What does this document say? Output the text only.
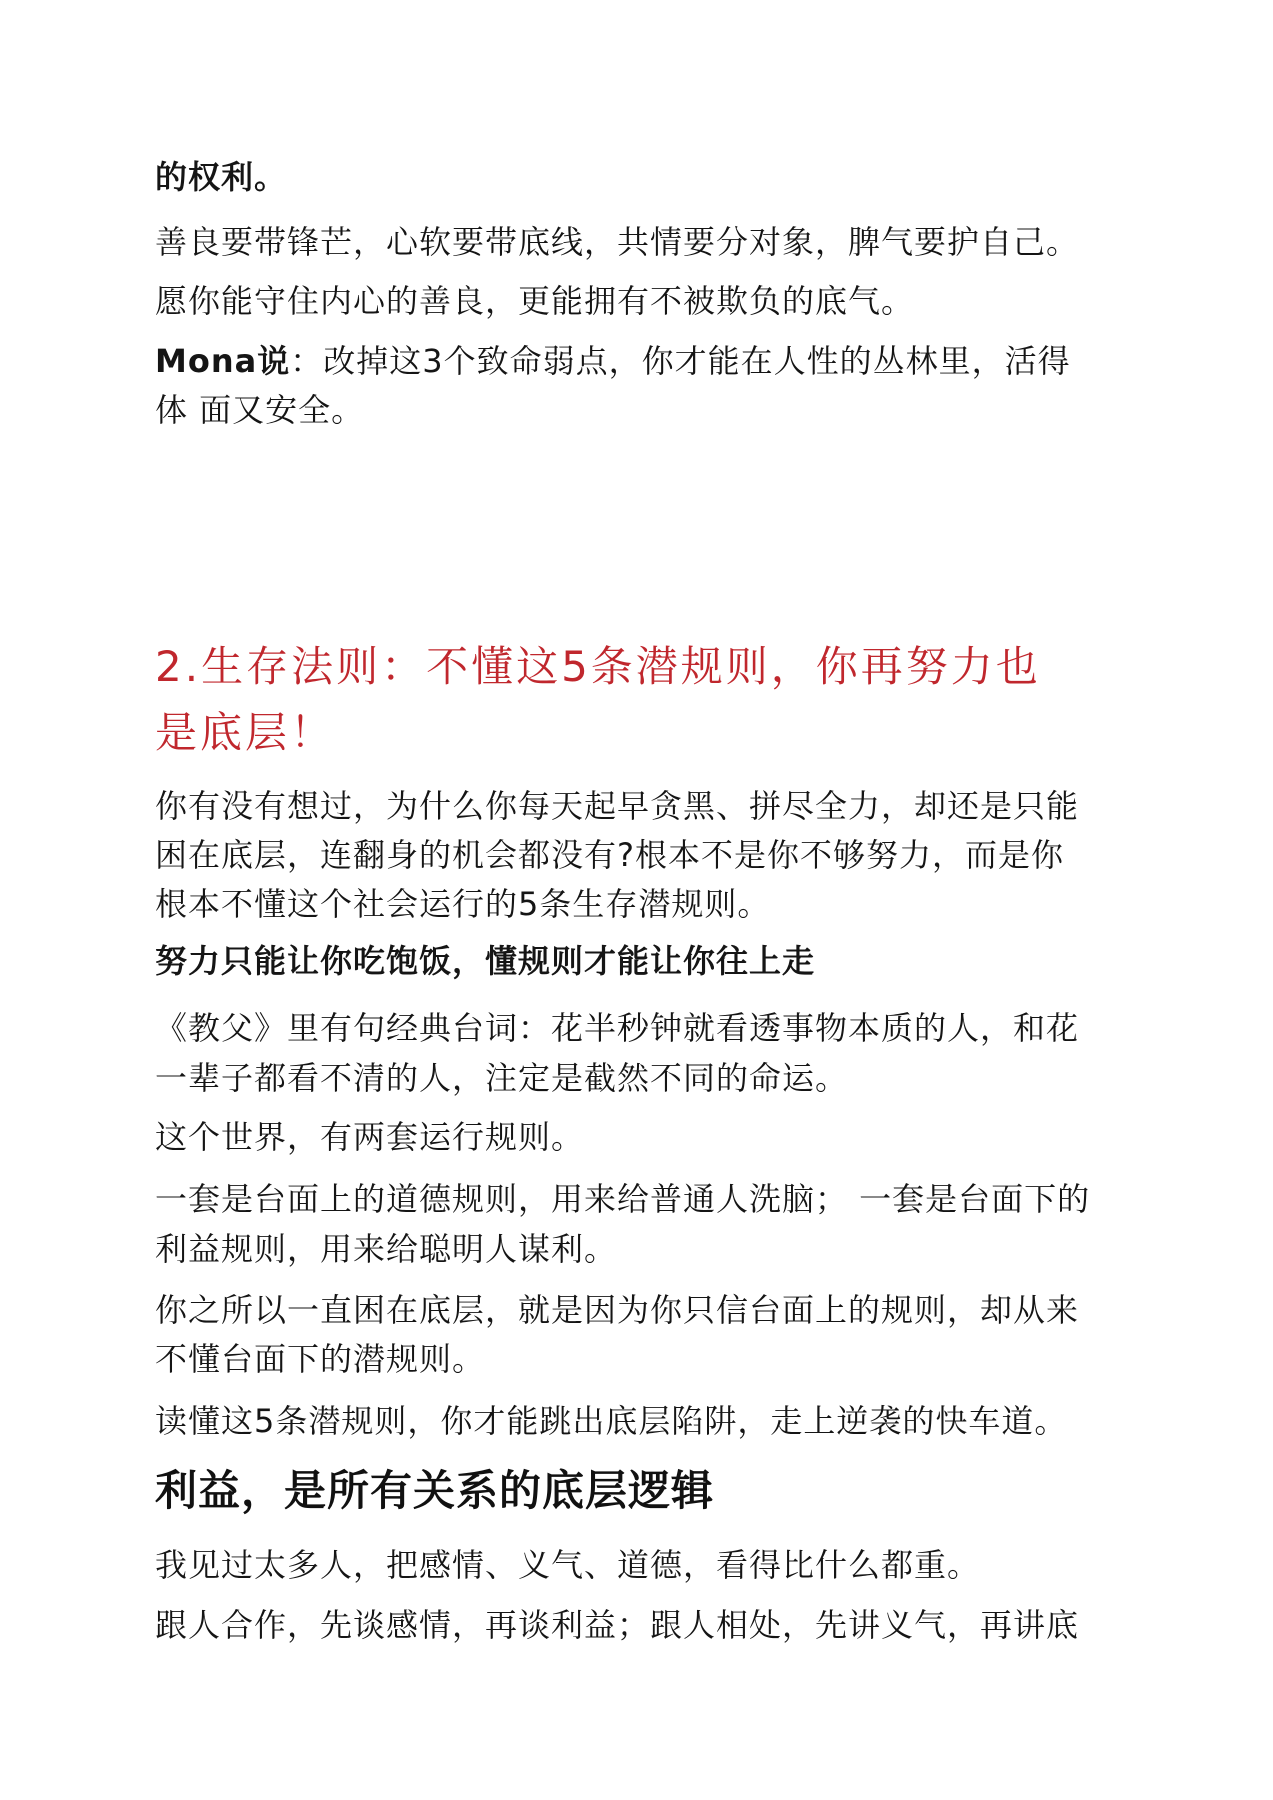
的权利。
善良要带锋芒，心软要带底线，共情要分对象，脾气要护自己。
愿你能守住内心的善良，更能拥有不被欺负的底气。
Mona说：改掉这3个致命弱点，你才能在人性的丛林里，活得
体 面又安全。
2.生存法则：不懂这5条潜规则，你再努力也
是底层！
你有没有想过，为什么你每天起早贪黑、拼尽全力，却还是只能
困在底层，连翻身的机会都没有?根本不是你不够努力，而是你
根本不懂这个社会运行的5条生存潜规则。
努力只能让你吃饱饭，懂规则才能让你往上走
《教父》里有句经典台词：花半秒钟就看透事物本质的人，和花
一辈子都看不清的人，注定是截然不同的命运。
这个世界，有两套运行规则。
一套是台面上的道德规则，用来给普通人洗脑； 一套是台面下的
利益规则，用来给聪明人谋利。
你之所以一直困在底层，就是因为你只信台面上的规则，却从来
不懂台面下的潜规则。
读懂这5条潜规则，你才能跳出底层陷阱，走上逆袭的快车道。
利益，是所有关系的底层逻辑
我见过太多人，把感情、义气、道德，看得比什么都重。
跟人合作，先谈感情，再谈利益；跟人相处，先讲义气，再讲底
